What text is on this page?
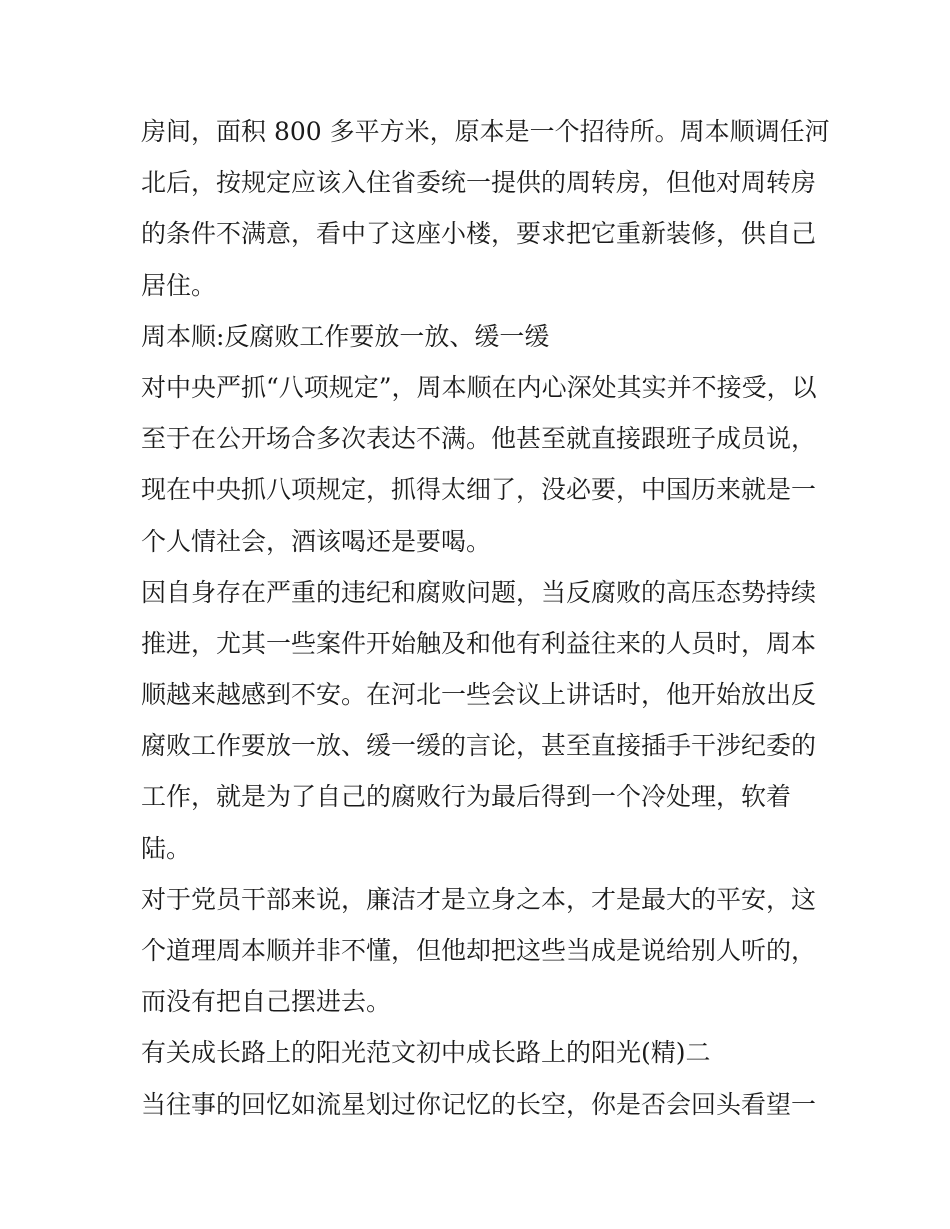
房间，面积 800 多平方米，原本是一个招待所。周本顺调任河
北后，按规定应该入住省委统一提供的周转房，但他对周转房
的条件不满意，看中了这座小楼，要求把它重新装修，供自己
居住。
周本顺:反腐败工作要放一放、缓一缓
对中央严抓“八项规定”，周本顺在内心深处其实并不接受，以
至于在公开场合多次表达不满。他甚至就直接跟班子成员说，
现在中央抓八项规定，抓得太细了，没必要，中国历来就是一
个人情社会，酒该喝还是要喝。
因自身存在严重的违纪和腐败问题，当反腐败的高压态势持续
推进，尤其一些案件开始触及和他有利益往来的人员时，周本
顺越来越感到不安。在河北一些会议上讲话时，他开始放出反
腐败工作要放一放、缓一缓的言论，甚至直接插手干涉纪委的
工作，就是为了自己的腐败行为最后得到一个冷处理，软着
陆。
对于党员干部来说，廉洁才是立身之本，才是最大的平安，这
个道理周本顺并非不懂，但他却把这些当成是说给别人听的，
而没有把自己摆进去。
有关成长路上的阳光范文初中成长路上的阳光(精)二
当往事的回忆如流星划过你记忆的长空，你是否会回头看望一
